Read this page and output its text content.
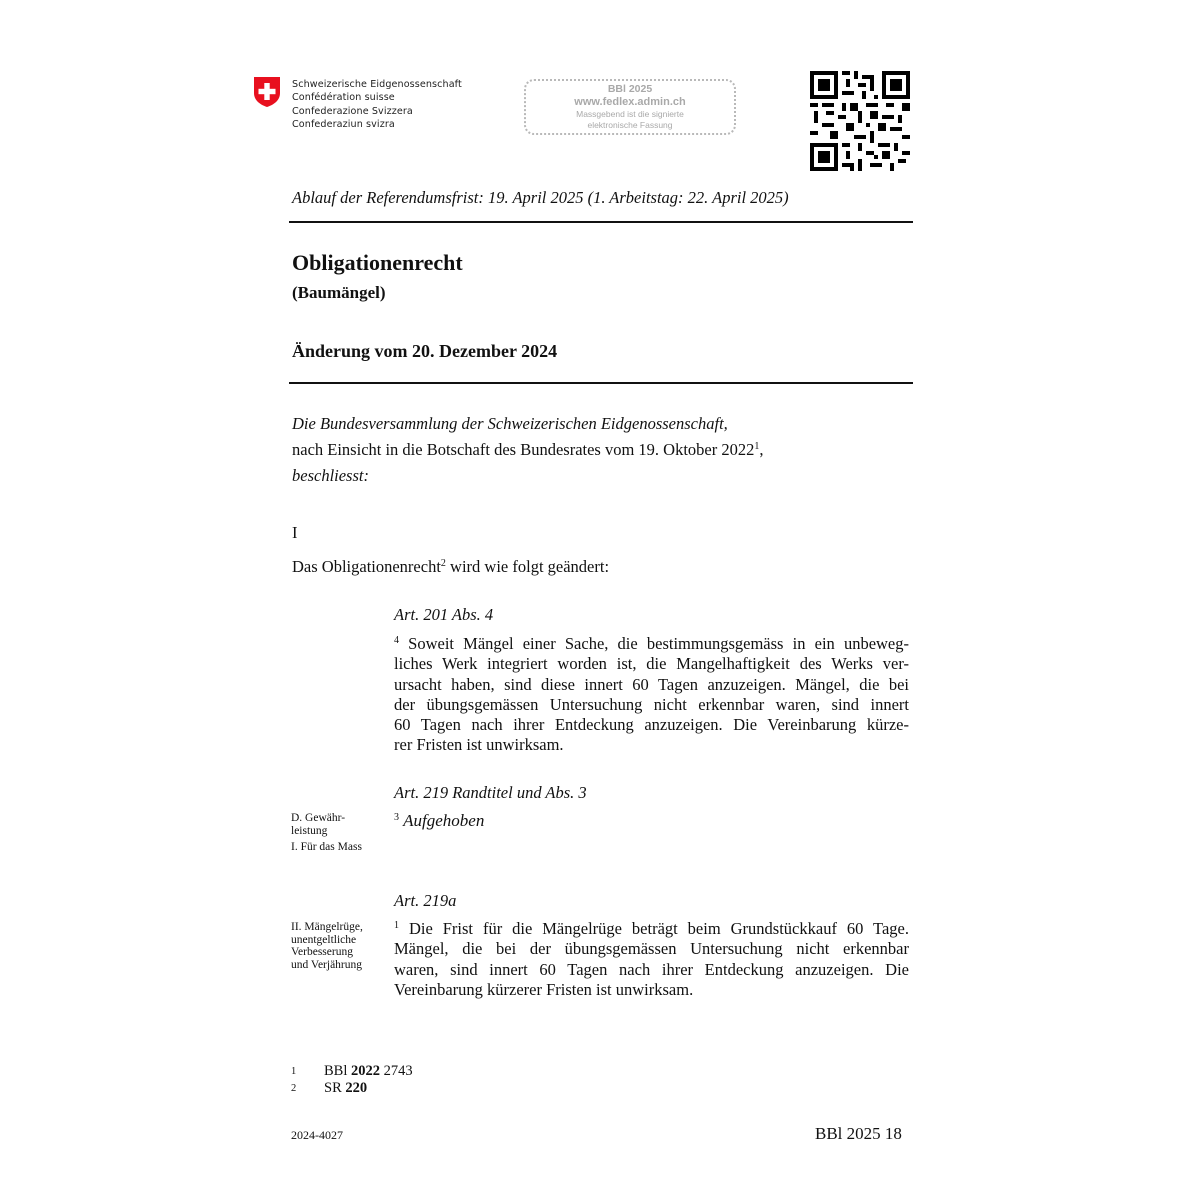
Schweizerische Eidgenossenschaft
Confédération suisse
Confederazione Svizzera
Confederaziun svizra
BBl 2025
www.fedlex.admin.ch
Massgebend ist die signierte
elektronische Fassung
Ablauf der Referendumsfrist: 19. April 2025 (1. Arbeitstag: 22. April 2025)
Obligationenrecht
(Baumängel)
Änderung vom 20. Dezember 2024
Die Bundesversammlung der Schweizerischen Eidgenossenschaft,
nach Einsicht in die Botschaft des Bundesrates vom 19. Oktober 2022$^1$,
beschliesst:
I
Das Obligationenrecht$^2$ wird wie folgt geändert:
Art. 201 Abs. 4
$^4$ Soweit Mängel einer Sache, die bestimmungsgemäss in ein unbeweg-
liches Werk integriert worden ist, die Mangelhaftigkeit des Werks ver-
ursacht haben, sind diese innert 60 Tagen anzuzeigen. Mängel, die bei
der übungsgemässen Untersuchung nicht erkennbar waren, sind innert
60 Tagen nach ihrer Entdeckung anzuzeigen. Die Vereinbarung kürze-
rer Fristen ist unwirksam.
Art. 219 Randtitel und Abs. 3
D. Gewähr-
leistung
I. Für das Mass
$^3$ Aufgehoben
Art. 219a
II. Mängelrüge,
unentgeltliche
Verbesserung
und Verjährung
$^1$ Die Frist für die Mängelrüge beträgt beim Grundstückkauf 60 Tage.
Mängel, die bei der übungsgemässen Untersuchung nicht erkennbar
waren, sind innert 60 Tagen nach ihrer Entdeckung anzuzeigen. Die
Vereinbarung kürzerer Fristen ist unwirksam.
1	BBl 2022 2743
2	SR 220
2024-4027	BBl 2025 18
